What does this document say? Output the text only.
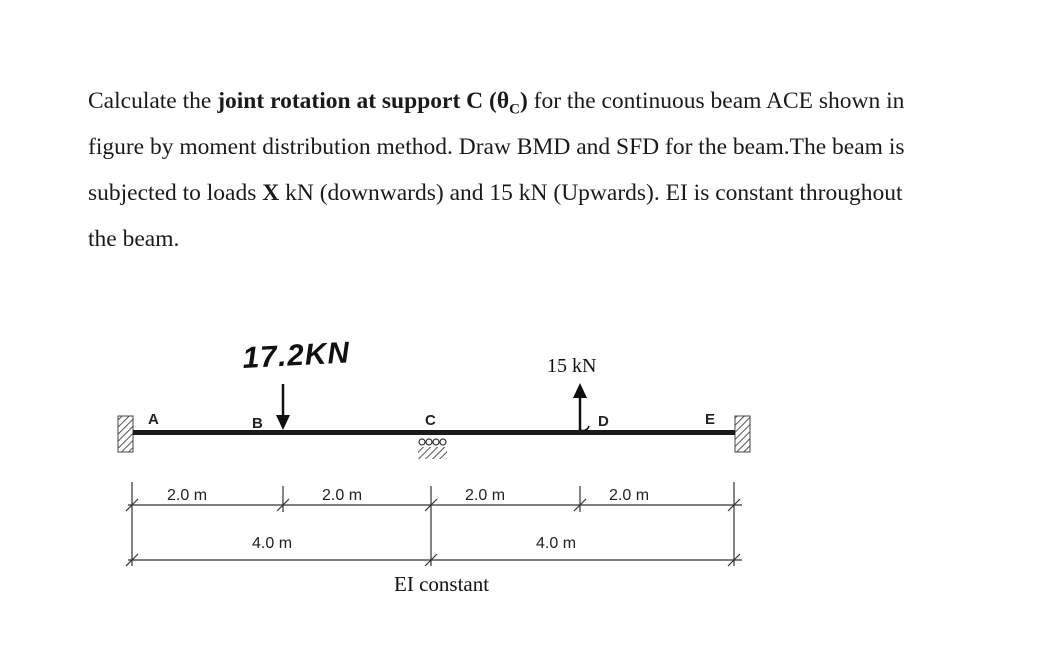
Calculate the joint rotation at support C $(\theta_C)$ for the continuous beam ACE shown in
figure by moment distribution method. Draw BMD and SFD for the beam.The beam is
subjected to loads X kN (downwards) and 15 kN (Upwards). EI is constant throughout
the beam.
A	B	C	D	E
17.2KN	15 kN
2.0 m	2.0 m	2.0 m	2.0 m
4.0 m	4.0 m
EI constant
